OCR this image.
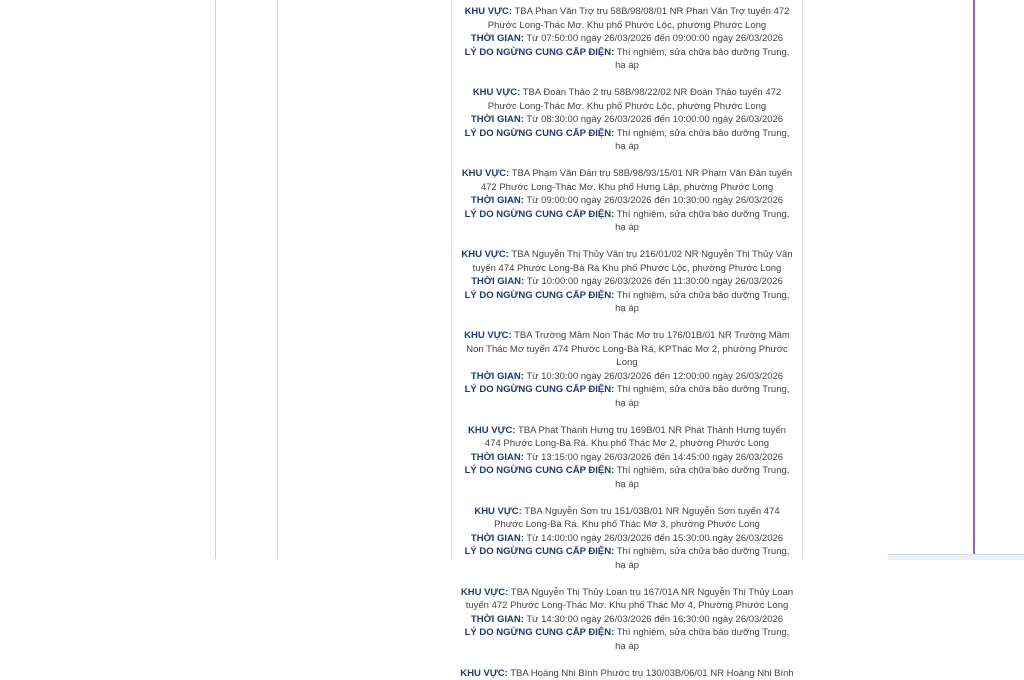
KHU VỰC: TBA Phan Văn Trợ trụ 58B/98/08/01 NR Phan Văn Trợ tuyến 472 Phước Long-Thác Mơ. Khu phố Phước Lộc, phường Phước Long

THỜI GIAN: Từ 07:50:00 ngày 26/03/2026 đến 09:00:00 ngày 26/03/2026

LÝ DO NGỪNG CUNG CẤP ĐIỆN: Thí nghiệm, sửa chữa bảo dưỡng Trung, hạ áp

KHU VỰC: TBA Đoàn Thảo 2 trụ 58B/98/22/02 NR Đoàn Thảo tuyến 472 Phước Long-Thác Mơ. Khu phố Phước Lộc, phường Phước Long

THỜI GIAN: Từ 08:30:00 ngày 26/03/2026 đến 10:00:00 ngày 26/03/2026

LÝ DO NGỪNG CUNG CẤP ĐIỆN: Thí nghiệm, sửa chữa bảo dưỡng Trung, hạ áp

KHU VỰC: TBA Phạm Văn Đản trụ 58B/98/93/15/01 NR Phạm Văn Đản tuyến 472 Phước Long-Thác Mơ. Khu phố Hưng Lập, phường Phước Long

THỜI GIAN: Từ 09:00:00 ngày 26/03/2026 đến 10:30:00 ngày 26/03/2026

LÝ DO NGỪNG CUNG CẤP ĐIỆN: Thí nghiệm, sửa chữa bảo dưỡng Trung, hạ áp

KHU VỰC: TBA Nguyễn Thị Thủy Vân trụ 216/01/02 NR Nguyễn Thị Thủy Vân tuyến 474 Phước Long-Bà Rá Khu phố Phước Lộc, phường Phước Long

THỜI GIAN: Từ 10:00:00 ngày 26/03/2026 đến 11:30:00 ngày 26/03/2026

LÝ DO NGỪNG CUNG CẤP ĐIỆN: Thí nghiệm, sửa chữa bảo dưỡng Trung, hạ áp

KHU VỰC: TBA Trường Mầm Non Thác Mơ trụ 176/01B/01 NR Trường Mầm Non Thác Mơ tuyến 474 Phước Long-Bà Rá, KPThác Mơ 2, phường Phước Long

THỜI GIAN: Từ 10:30:00 ngày 26/03/2026 đến 12:00:00 ngày 26/03/2026

LÝ DO NGỪNG CUNG CẤP ĐIỆN: Thí nghiệm, sửa chữa bảo dưỡng Trung, hạ áp

KHU VỰC: TBA Phát Thành Hưng trụ 169B/01 NR Phát Thành Hưng tuyến 474 Phước Long-Bà Rá. Khu phố Thác Mơ 2, phường Phước Long

THỜI GIAN: Từ 13:15:00 ngày 26/03/2026 đến 14:45:00 ngày 26/03/2026

LÝ DO NGỪNG CUNG CẤP ĐIỆN: Thí nghiệm, sửa chữa bảo dưỡng Trung, hạ áp

KHU VỰC: TBA Nguyễn Sơn trụ 151/03B/01 NR Nguyễn Sơn tuyến 474 Phước Long-Bà Rá. Khu phố Thác Mơ 3, phường Phước Long

THỜI GIAN: Từ 14:00:00 ngày 26/03/2026 đến 15:30:00 ngày 26/03/2026

LÝ DO NGỪNG CUNG CẤP ĐIỆN: Thí nghiệm, sửa chữa bảo dưỡng Trung, hạ áp

KHU VỰC: TBA Nguyễn Thị Thủy Loan trụ 167/01A NR Nguyễn Thị Thủy Loan tuyến 472 Phước Long-Thác Mơ. Khu phố Thác Mơ 4, Phường Phước Long

THỜI GIAN: Từ 14:30:00 ngày 26/03/2026 đến 16:30:00 ngày 26/03/2026

LÝ DO NGỪNG CUNG CẤP ĐIỆN: Thí nghiệm, sửa chữa bảo dưỡng Trung, hạ áp

KHU VỰC: TBA Hoàng Nhi Bình Phước trụ 130/03B/06/01 NR Hoàng Nhi Bình
